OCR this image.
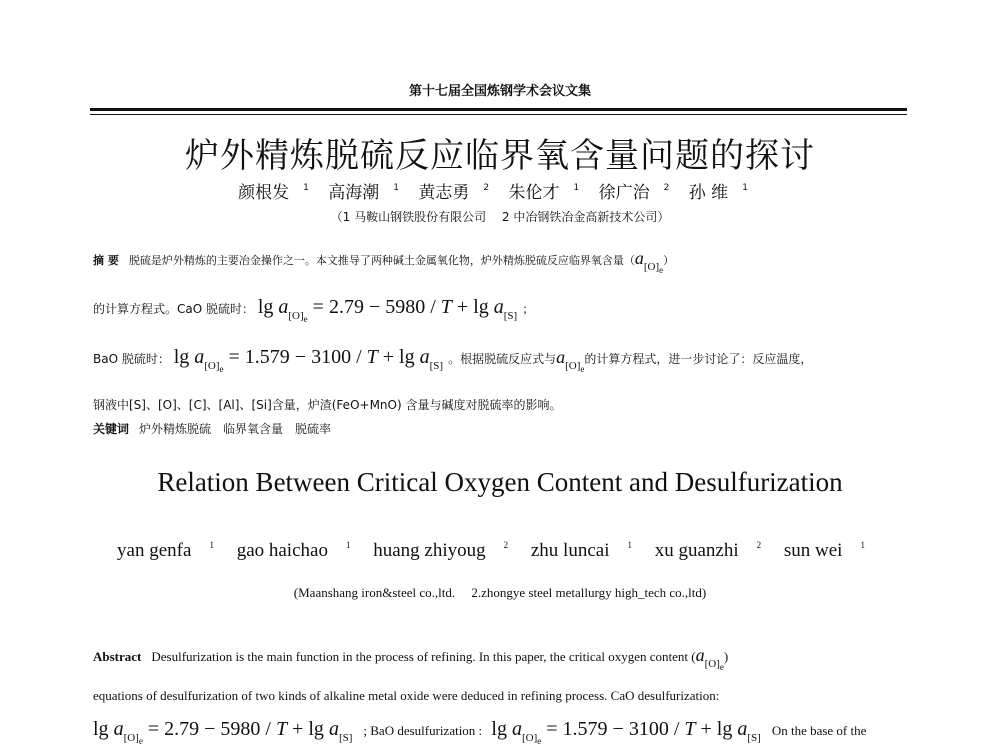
第十七届全国炼钢学术会议文集
炉外精炼脱硫反应临界氧含量问题的探讨
颜根发 $^1$ 高海潮 $^1$ 黄志勇 $^2$ 朱伦才 $^1$ 徐广治 $^2$ 孙 维 $^1$
（1 马鞍山钢铁股份有限公司　 2 中冶钢铁冶金高新技术公司）
摘 要 脱硫是炉外精炼的主要冶金操作之一。本文推导了两种碱土金属氧化物，炉外精炼脱硫反应临界氧含量$(a_{[O]_e})$
的计算方程式。CaO 脱硫时： $\lg a_{[O]_e} = 2.79 - 5980 / T + \lg a_{[S]}$ ；
BaO 脱硫时： $\lg a_{[O]_e} = 1.579 - 3100 / T + \lg a_{[S]}$ 。根据脱硫反应式与$a_{[O]_e}$的计算方程式，进一步讨论了：反应温度，
钢液中[S]、[O]、[C]、[Al]、[Si]含量，炉渣(FeO+MnO) 含量与碱度对脱硫率的影响。
关键词 炉外精炼脱硫　临界氧含量　脱硫率
Relation Between Critical Oxygen Content and Desulfurization
yan genfa $^1$ gao haichao $^1$ huang zhiyoug $^2$ zhu luncai $^1$ xu guanzhi $^2$ sun wei $^1$
(Maanshang iron&steel co.,ltd.　 2.zhongye steel metallurgy high_tech co.,ltd)
Abstract Desulfurization is the main function in the process of refining. In this paper, the critical oxygen content $(a_{[O]_e})$
equations of desulfurization of two kinds of alkaline metal oxide were deduced in refining process. CaO desulfurization:
$\lg a_{[O]_e} = 2.79 - 5980 / T + \lg a_{[S]}$ ; BaO desulfurization : $\lg a_{[O]_e} = 1.579 - 3100 / T + \lg a_{[S]}$ On the base of the
